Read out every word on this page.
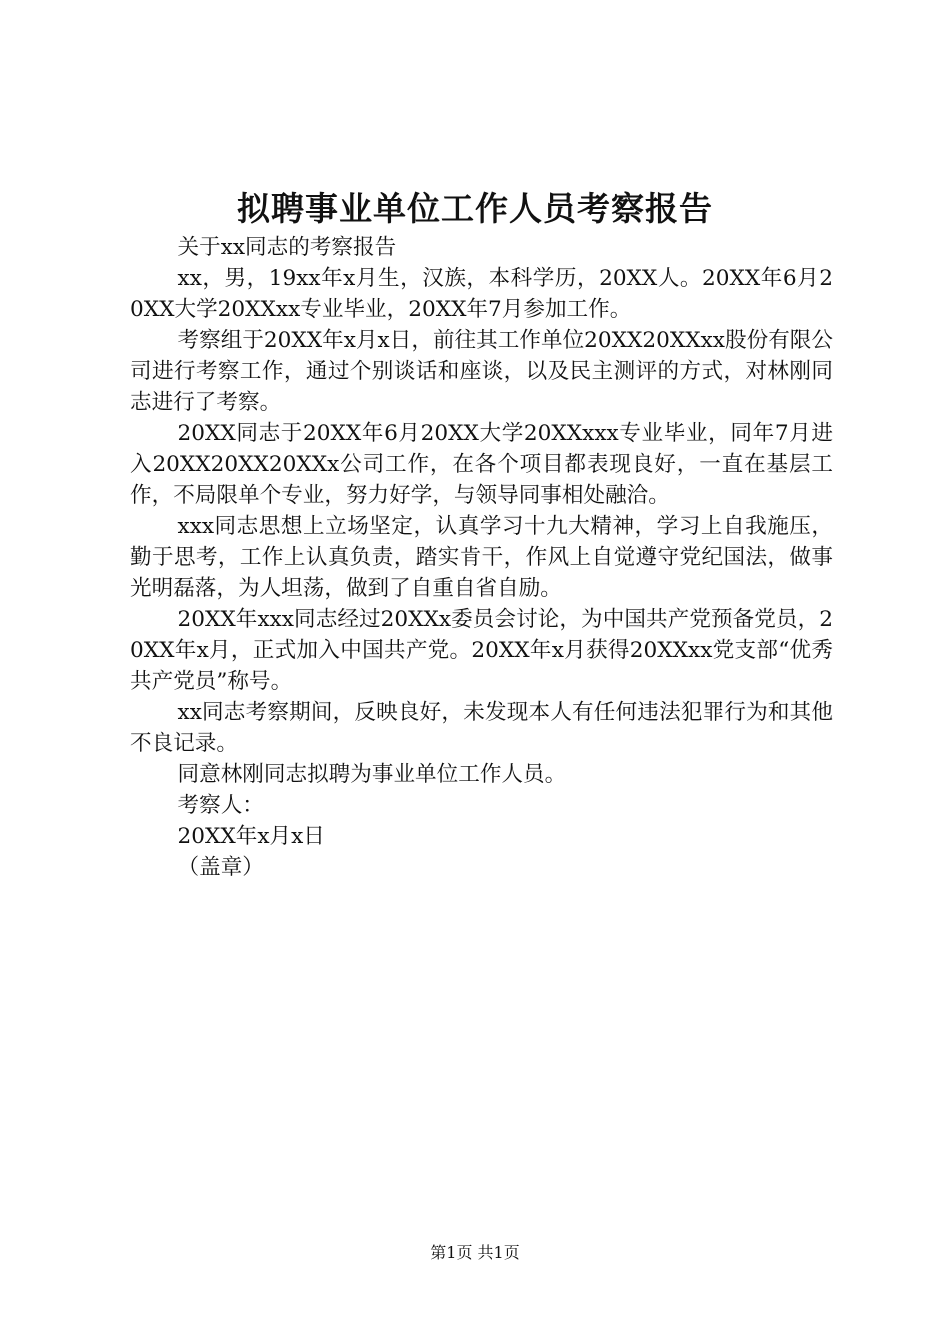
拟聘事业单位工作人员考察报告

关于xx同志的考察报告

xx，男，19xx年x月生，汉族，本科学历，20XX人。20XX年6月20XX大学20XXxx专业毕业，20XX年7月参加工作。

考察组于20XX年x月x日，前往其工作单位20XX20XXxx股份有限公司进行考察工作，通过个别谈话和座谈，以及民主测评的方式，对林刚同志进行了考察。

20XX同志于20XX年6月20XX大学20XXxxx专业毕业，同年7月进入20XX20XX20XXx公司工作，在各个项目都表现良好，一直在基层工作，不局限单个专业，努力好学，与领导同事相处融洽。

xxx同志思想上立场坚定，认真学习十九大精神，学习上自我施压，勤于思考，工作上认真负责，踏实肯干，作风上自觉遵守党纪国法，做事光明磊落，为人坦荡，做到了自重自省自励。

20XX年xxx同志经过20XXx委员会讨论，为中国共产党预备党员，20XX年x月，正式加入中国共产党。20XX年x月获得20XXxx党支部“优秀共产党员”称号。

xx同志考察期间，反映良好，未发现本人有任何违法犯罪行为和其他不良记录。

同意林刚同志拟聘为事业单位工作人员。

考察人：

20XX年x月x日

（盖章）

第1页 共1页
